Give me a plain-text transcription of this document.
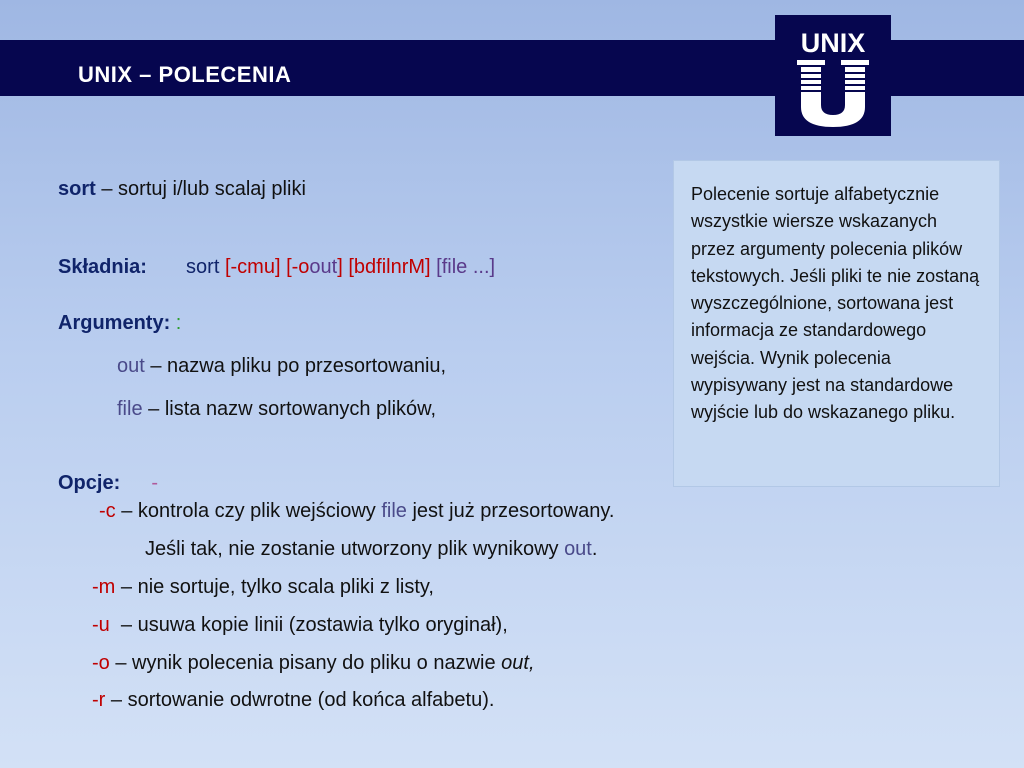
UNIX – POLECENIA
UNIX
sort – sortuj i/lub scalaj pliki
Składnia: sort [-cmu] [-oout] [bdfilnrM] [file ...]
Argumenty: :
out – nazwa pliku po przesortowaniu,
file – lista nazw sortowanych plików,
Opcje: -
-c – kontrola czy plik wejściowy file jest już przesortowany.
Jeśli tak, nie zostanie utworzony plik wynikowy out.
-m – nie sortuje, tylko scala pliki z listy,
-u  – usuwa kopie linii (zostawia tylko oryginał),
-o – wynik polecenia pisany do pliku o nazwie out,
-r – sortowanie odwrotne (od końca alfabetu).
Polecenie sortuje alfabetycznie wszystkie wiersze wskazanych przez argumenty polecenia plików tekstowych. Jeśli pliki te nie zostaną wyszczególnione, sortowana jest informacja ze standardowego wejścia. Wynik polecenia wypisywany jest na standardowe wyjście lub do wskazanego pliku.
